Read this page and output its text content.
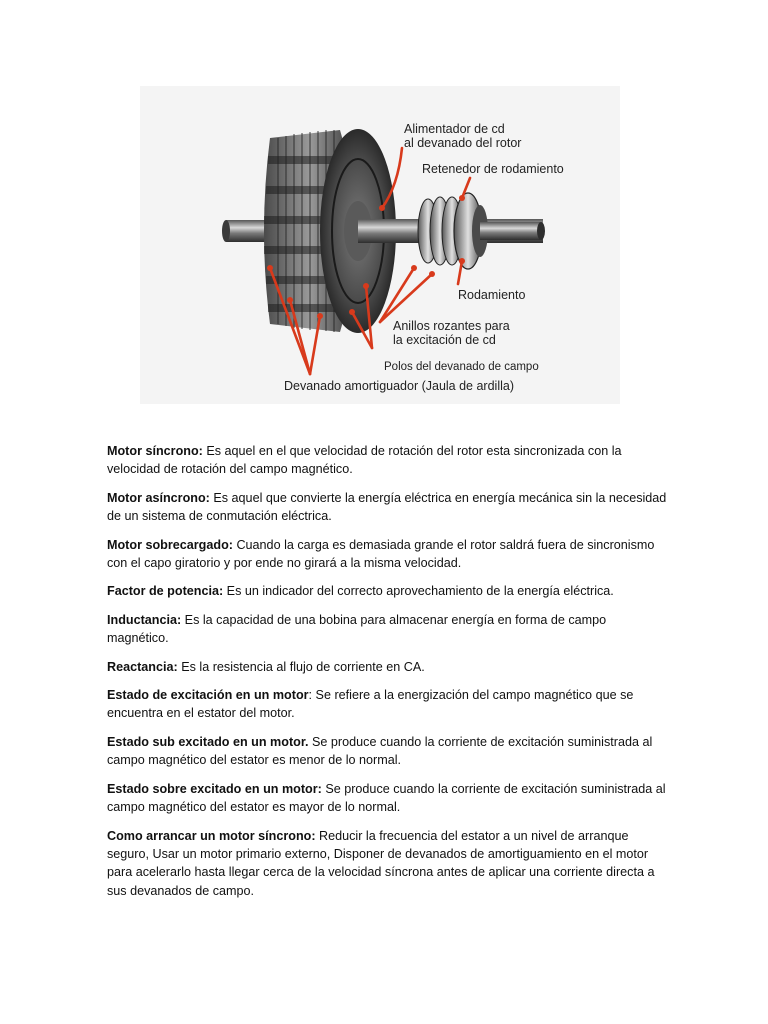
Alimentador de cd
al devanado del rotor
Retenedor de rodamiento
Rodamiento
Anillos rozantes para
la excitación de cd
Polos del devanado de campo
Devanado amortiguador (Jaula de ardilla)

Motor síncrono: Es aquel en el que velocidad de rotación del rotor esta sincronizada con la velocidad de rotación del campo magnético.

Motor asíncrono: Es aquel que convierte la energía eléctrica en energía mecánica sin la necesidad de un sistema de conmutación eléctrica.

Motor sobrecargado: Cuando la carga es demasiada grande el rotor saldrá fuera de sincronismo con el capo giratorio y por ende no girará a la misma velocidad.

Factor de potencia: Es un indicador del correcto aprovechamiento de la energía eléctrica.

Inductancia: Es la capacidad de una bobina para almacenar energía en forma de campo magnético.

Reactancia: Es la resistencia al flujo de corriente en CA.

Estado de excitación en un motor: Se refiere a la energización del campo magnético que se encuentra en el estator del motor.

Estado sub excitado en un motor. Se produce cuando la corriente de excitación suministrada al campo magnético del estator es menor de lo normal.

Estado sobre excitado en un motor: Se produce cuando la corriente de excitación suministrada al campo magnético del estator es mayor de lo normal.

Como arrancar un motor síncrono: Reducir la frecuencia del estator a un nivel de arranque seguro, Usar un motor primario externo, Disponer de devanados de amortiguamiento en el motor para acelerarlo hasta llegar cerca de la velocidad síncrona antes de aplicar una corriente directa a sus devanados de campo.
